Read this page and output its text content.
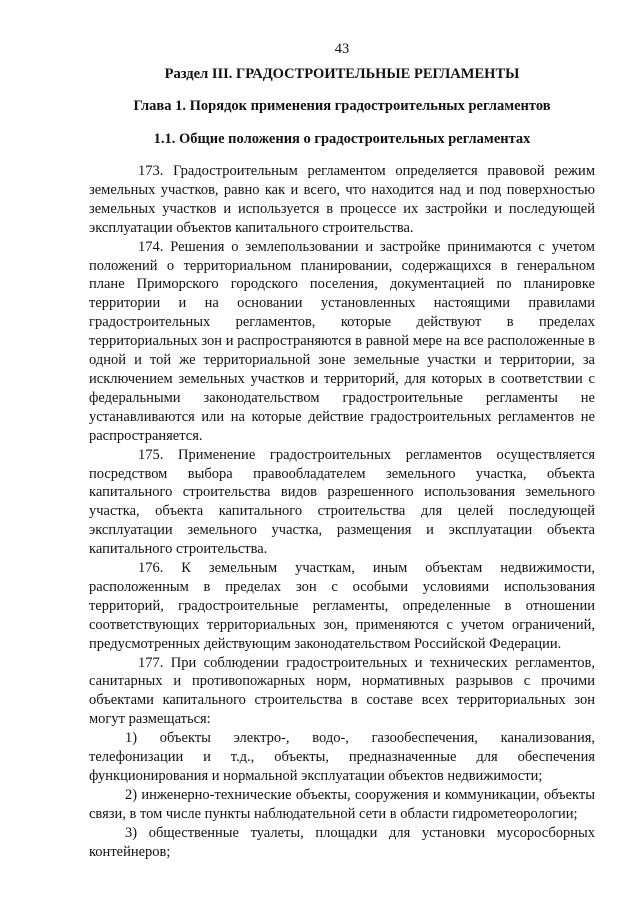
43
Раздел III. ГРАДОСТРОИТЕЛЬНЫЕ РЕГЛАМЕНТЫ
Глава 1. Порядок применения градостроительных регламентов
1.1. Общие положения о градостроительных регламентах

173. Градостроительным регламентом определяется правовой режим земельных участков, равно как и всего, что находится над и под поверхностью земельных участков и используется в процессе их застройки и последующей эксплуатации объектов капитального строительства.

174. Решения о землепользовании и застройке принимаются с учетом положений о территориальном планировании, содержащихся в генеральном плане Приморского городского поселения, документацией по планировке территории и на основании установленных настоящими правилами градостроительных регламентов, которые действуют в пределах территориальных зон и распространяются в равной мере на все расположенные в одной и той же территориальной зоне земельные участки и территории, за исключением земельных участков и территорий, для которых в соответствии с федеральными законодательством градостроительные регламенты не устанавливаются или на которые действие градостроительных регламентов не распространяется.

175. Применение градостроительных регламентов осуществляется посредством выбора правообладателем земельного участка, объекта капитального строительства видов разрешенного использования земельного участка, объекта капитального строительства для целей последующей эксплуатации земельного участка, размещения и эксплуатации объекта капитального строительства.

176. К земельным участкам, иным объектам недвижимости, расположенным в пределах зон с особыми условиями использования территорий, градостроительные регламенты, определенные в отношении соответствующих территориальных зон, применяются с учетом ограничений, предусмотренных действующим законодательством Российской Федерации.

177. При соблюдении градостроительных и технических регламентов, санитарных и противопожарных норм, нормативных разрывов с прочими объектами капитального строительства в составе всех территориальных зон могут размещаться:

1) объекты электро-, водо-, газообеспечения, канализования, телефонизации и т.д., объекты, предназначенные для обеспечения функционирования и нормальной эксплуатации объектов недвижимости;

2) инженерно-технические объекты, сооружения и коммуникации, объекты связи, в том числе пункты наблюдательной сети в области гидрометеорологии;

3) общественные туалеты, площадки для установки мусоросборных контейнеров;
